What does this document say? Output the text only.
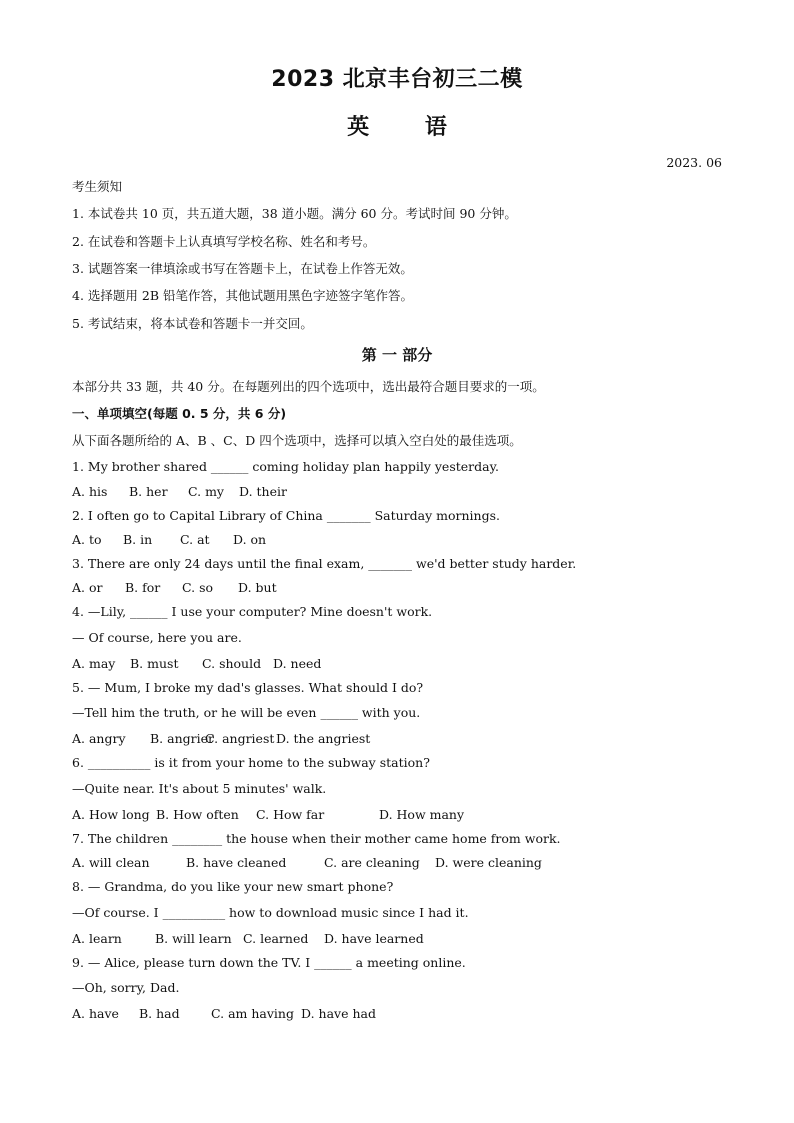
2023 北京丰台初三二模
英 语
2023. 06
考生须知
1. 本试卷共 10 页，共五道大题，38 道小题。满分 60 分。考试时间 90 分钟。
2. 在试卷和答题卡上认真填写学校名称、姓名和考号。
3. 试题答案一律填涂或书写在答题卡上，在试卷上作答无效。
4. 选择题用 2B 铅笔作答，其他试题用黑色字迹签字笔作答。
5. 考试结束，将本试卷和答题卡一并交回。
第 一 部分
本部分共 33 题，共 40 分。在每题列出的四个选项中，选出最符合题目要求的一项。
一、单项填空(每题 0. 5 分，共 6 分)
从下面各题所给的 A、B 、C、D 四个选项中，选择可以填入空白处的最佳选项。
1. My brother shared ______ coming holiday plan happily yesterday.
A. his B. her C. my D. their
2. I often go to Capital Library of China _______ Saturday mornings.
A. to B. in C. at D. on
3. There are only 24 days until the final exam, _______ we'd better study harder.
A. or B. for C. so D. but
4. —Lily, ______ I use your computer? Mine doesn't work.
— Of course, here you are.
A. may B. must C. should D. need
5. — Mum, I broke my dad's glasses. What should I do?
—Tell him the truth, or he will be even ______ with you.
A. angry B. angrier
C. angriest D. the angriest
6. __________ is it from your home to the subway station?
—Quite near. It's about 5 minutes' walk.
A. How long B. How often C. How far	D. How many
7. The children ________ the house when their mother came home from work.
A. will clean	B. have cleaned	C. are cleaning D. were cleaning
8. — Grandma, do you like your new smart phone?
—Of course. I __________ how to download music since I had it.
A. learn	B. will learn C. learned D. have learned
9. — Alice, please turn down the TV. I ______ a meeting online.
—Oh, sorry, Dad.
A. have B. had	C. am having D. have had
